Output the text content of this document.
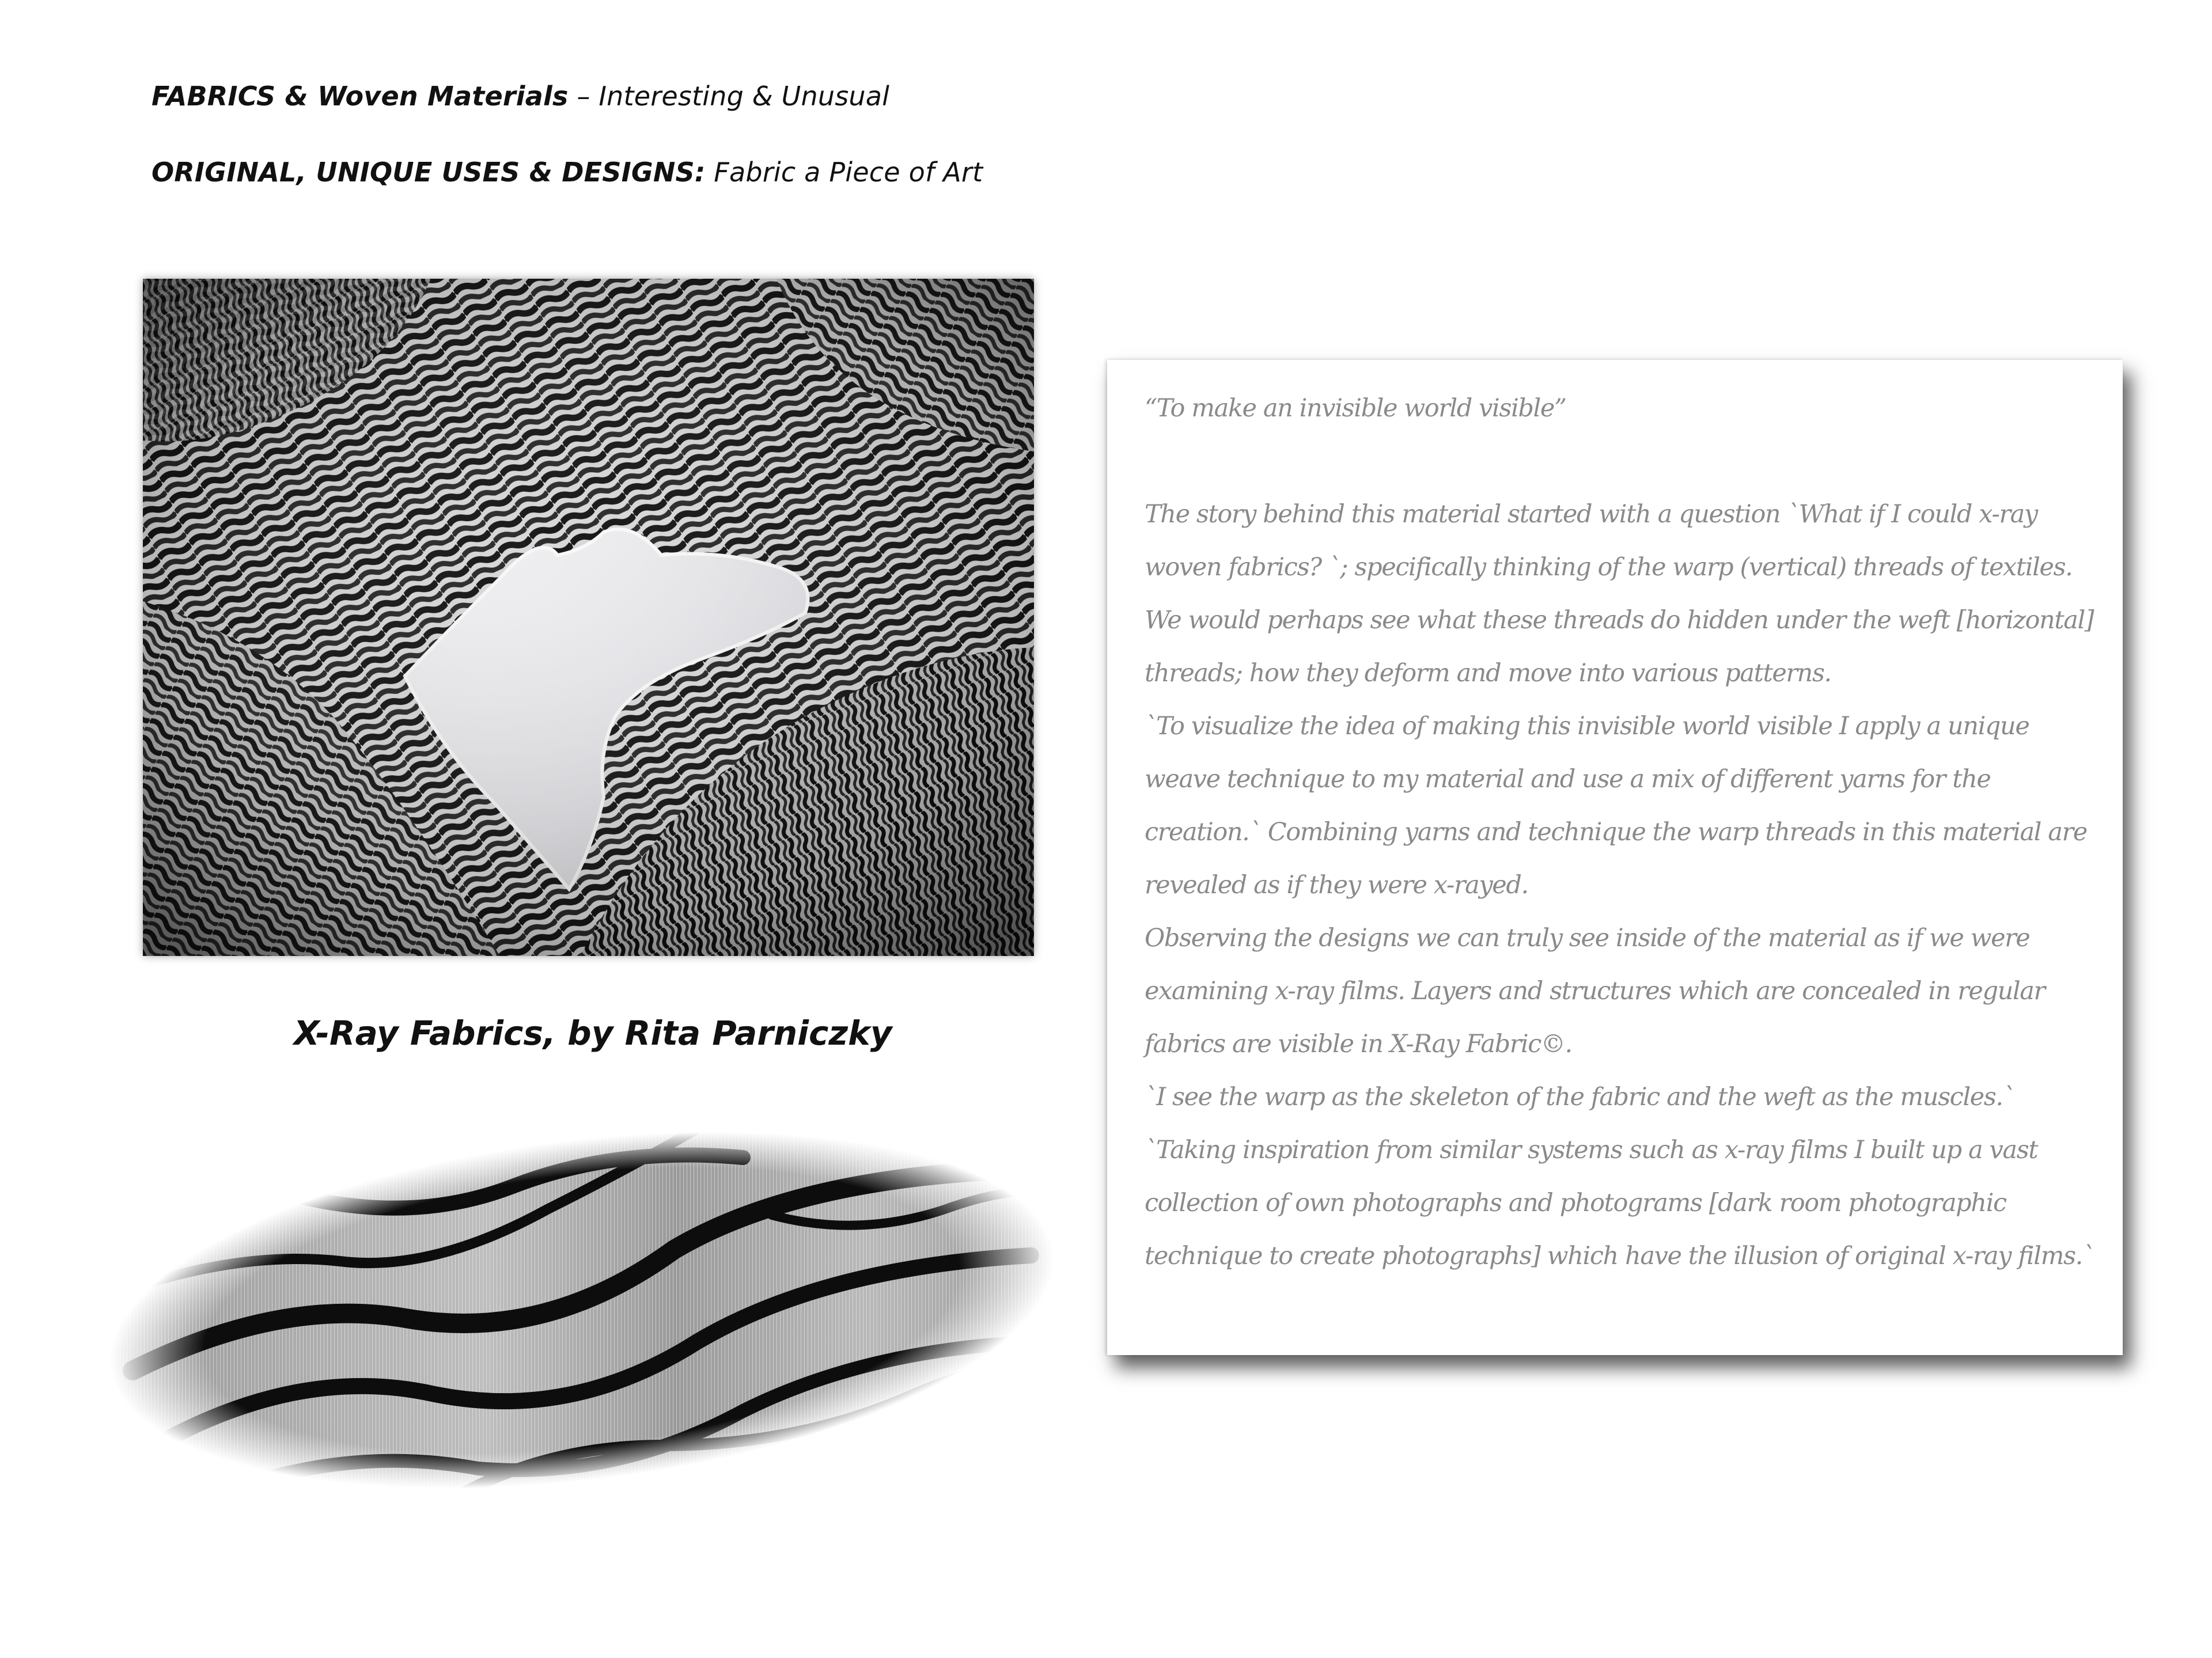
FABRICS & Woven Materials – Interesting & Unusual
ORIGINAL, UNIQUE USES & DESIGNS: Fabric a Piece of Art
X-Ray Fabrics, by Rita Parniczky

“To make an invisible world visible”

The story behind this material started with a question `What if I could x-ray woven fabrics? `; specifically thinking of the warp (vertical) threads of textiles. We would perhaps see what these threads do hidden under the weft [horizontal] threads; how they deform and move into various patterns.

`To visualize the idea of making this invisible world visible I apply a unique weave technique to my material and use a mix of different yarns for the creation.` Combining yarns and technique the warp threads in this material are revealed as if they were x-rayed.

Observing the designs we can truly see inside of the material as if we were examining x-ray films. Layers and structures which are concealed in regular fabrics are visible in X-Ray Fabric©.

`I see the warp as the skeleton of the fabric and the weft as the muscles.`

`Taking inspiration from similar systems such as x-ray films I built up a vast collection of own photographs and photograms [dark room photographic technique to create photographs] which have the illusion of original x-ray films.`
